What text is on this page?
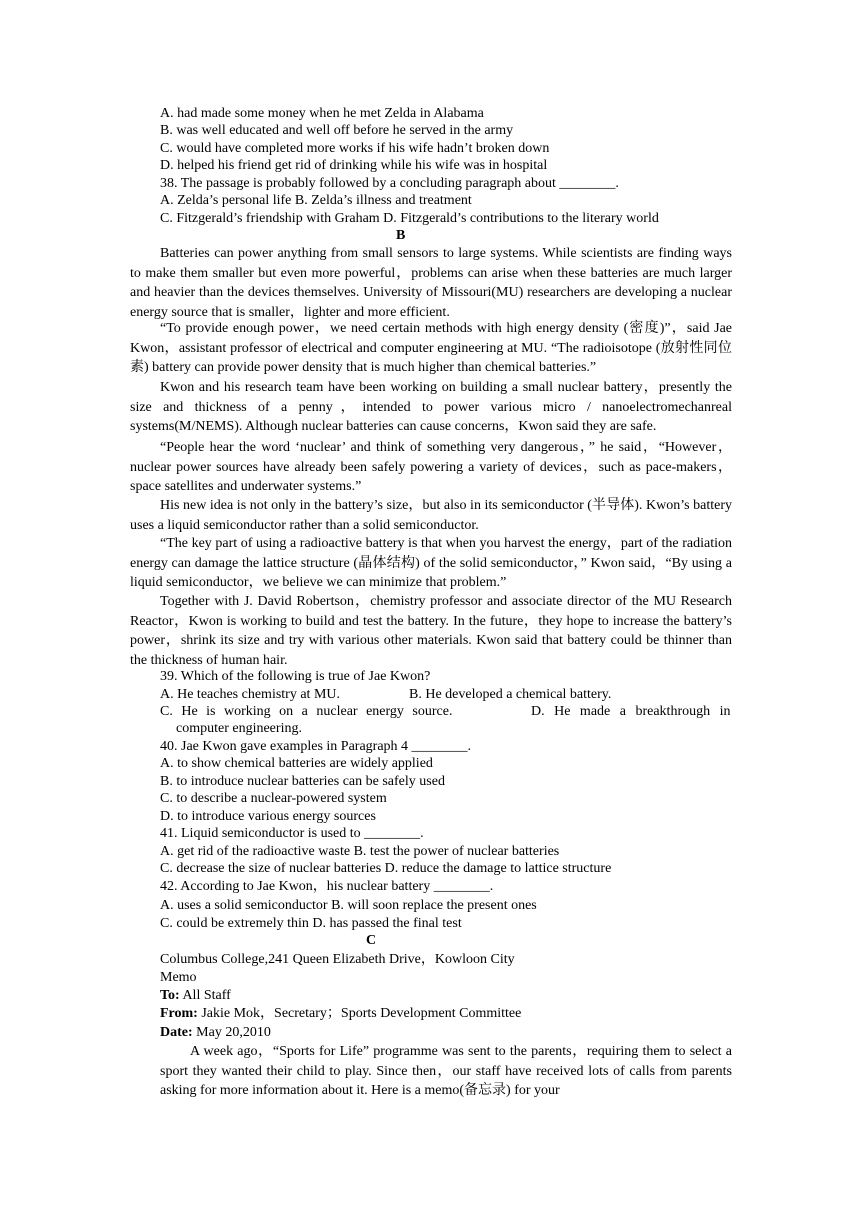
A. had made some money when he met Zelda in Alabama
B. was well educated and well off before he served in the army
C. would have completed more works if his wife hadn’t broken down
D. helped his friend get rid of drinking while his wife was in hospital
38. The passage is probably followed by a concluding paragraph about ________.
A. Zelda’s personal life B. Zelda’s illness and treatment
C. Fitzgerald’s friendship with Graham D. Fitzgerald’s contributions to the literary world
B
Batteries can power anything from small sensors to large systems. While scientists are finding ways to make them smaller but even more powerful，problems can arise when these batteries are much larger and heavier than the devices themselves. University of Missouri(MU) researchers are developing a nuclear energy source that is smaller，lighter and more efficient.
“To provide enough power，we need certain methods with high energy density (密度)”，said Jae Kwon，assistant professor of electrical and computer engineering at MU. “The radioisotope (放射性同位素) battery can provide power density that is much higher than chemical batteries.”
Kwon and his research team have been working on building a small nuclear battery，presently the size and thickness of a penny，intended to power various micro / nanoelectromechanreal systems(M/NEMS). Although nuclear batteries can cause concerns，Kwon said they are safe.
“People hear the word ‘nuclear’ and think of something very dangerous，” he said，“However，nuclear power sources have already been safely powering a variety of devices，such as pace-makers，space satellites and underwater systems.”
His new idea is not only in the battery’s size，but also in its semiconductor (半导体). Kwon’s battery uses a liquid semiconductor rather than a solid semiconductor.
“The key part of using a radioactive battery is that when you harvest the energy，part of the radiation energy can damage the lattice structure (晶体结构) of the solid semiconductor，” Kwon said，“By using a liquid semiconductor，we believe we can minimize that problem.”
Together with J. David Robertson，chemistry professor and associate director of the MU Research Reactor，Kwon is working to build and test the battery. In the future，they hope to increase the battery’s power，shrink its size and try with various other materials. Kwon said that battery could be thinner than the thickness of human hair.
39. Which of the following is true of Jae Kwon?
A. He teaches chemistry at MU.	B. He developed a chemical battery.
C. He is working on a nuclear energy source.	D. He made a breakthrough in
computer engineering.
40. Jae Kwon gave examples in Paragraph 4 ________.
A. to show chemical batteries are widely applied
B. to introduce nuclear batteries can be safely used
C. to describe a nuclear-powered system
D. to introduce various energy sources
41. Liquid semiconductor is used to ________.
A. get rid of the radioactive waste B. test the power of nuclear batteries
C. decrease the size of nuclear batteries D. reduce the damage to lattice structure
42. According to Jae Kwon，his nuclear battery ________.
A. uses a solid semiconductor B. will soon replace the present ones
C. could be extremely thin D. has passed the final test
C
Columbus College,241 Queen Elizabeth Drive，Kowloon City
Memo
To: All Staff
From: Jakie Mok，Secretary；Sports Development Committee
Date: May 20,2010
A week ago，“Sports for Life” programme was sent to the parents，requiring them to select a sport they wanted their child to play. Since then，our staff have received lots of calls from parents asking for more information about it. Here is a memo(备忘录) for your
